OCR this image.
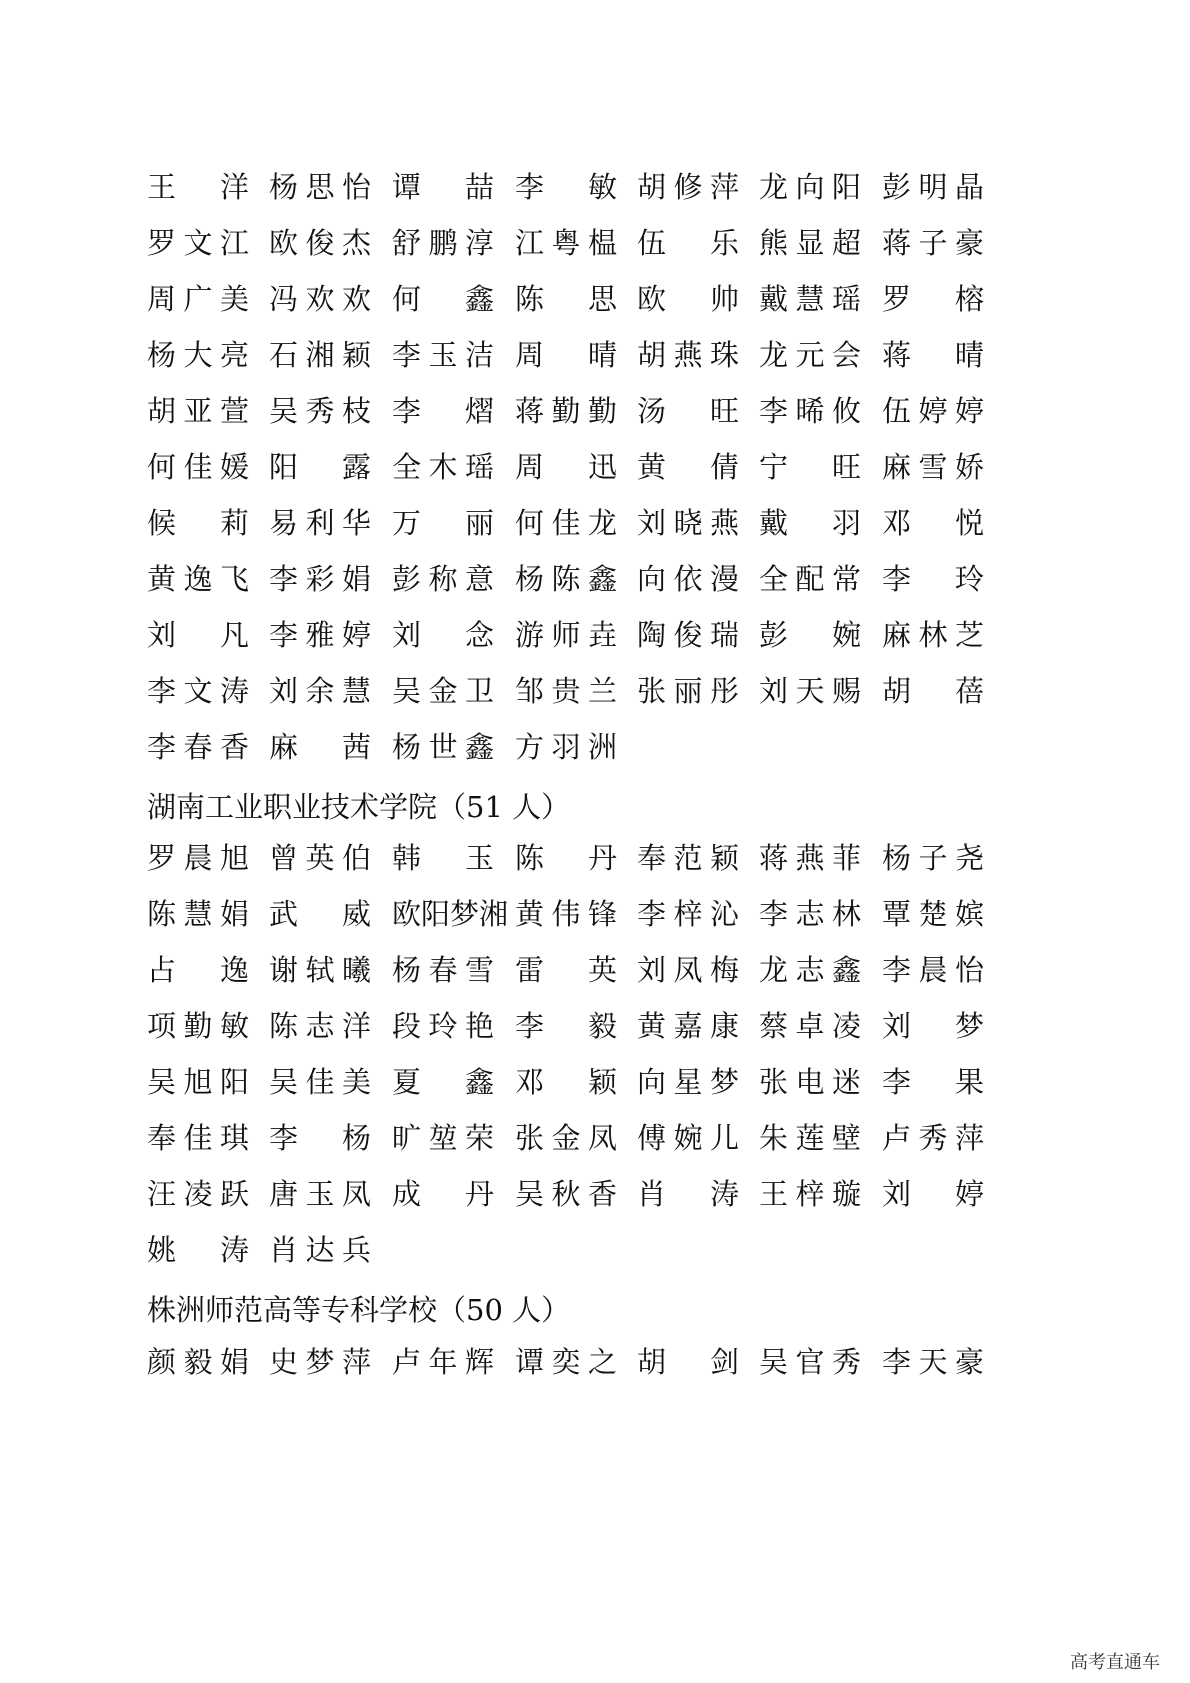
王 洋 杨 思 怡 谭 喆 李 敏 胡 修 萍 龙 向 阳 彭 明 晶
罗 文 江 欧 俊 杰 舒 鹏 淳 江 粤 榅 伍 乐 熊 显 超 蒋 子 豪
周 广 美 冯 欢 欢 何 鑫 陈 思 欧 帅 戴 慧 瑶 罗 榕
杨 大 亮 石 湘 颖 李 玉 洁 周 晴 胡 燕 珠 龙 元 会 蒋 晴
胡 亚 萱 吴 秀 枝 李 熠 蒋 勤 勤 汤 旺 李 晞 攸 伍 婷 婷
何 佳 媛 阳 露 全 木 瑶 周 迅 黄 倩 宁 旺 麻 雪 娇
候 莉 易 利 华 万 丽 何 佳 龙 刘 晓 燕 戴 羽 邓 悦
黄 逸 飞 李 彩 娟 彭 称 意 杨 陈 鑫 向 依 漫 全 配 常 李 玲
刘 凡 李 雅 婷 刘 念 游 师 垚 陶 俊 瑞 彭 婉 麻 林 芝
李 文 涛 刘 余 慧 吴 金 卫 邹 贵 兰 张 丽 彤 刘 天 赐 胡 蓓
李 春 香 麻 茜 杨 世 鑫 方 羽 洲
湖南工业职业技术学院（51 人）
罗 晨 旭 曾 英 伯 韩 玉 陈 丹 奉 范 颖 蒋 燕 菲 杨 子 尧
陈 慧 娟 武 威 欧阳梦湘 黄 伟 锋 李 梓 沁 李 志 林 覃 楚 嫔
占 逸 谢 轼 曦 杨 春 雪 雷 英 刘 凤 梅 龙 志 鑫 李 晨 怡
项 勤 敏 陈 志 洋 段 玲 艳 李 毅 黄 嘉 康 蔡 卓 凌 刘 梦
吴 旭 阳 吴 佳 美 夏 鑫 邓 颖 向 星 梦 张 电 迷 李 果
奉 佳 琪 李 杨 旷 堃 荣 张 金 凤 傅 婉 儿 朱 莲 壁 卢 秀 萍
汪 凌 跃 唐 玉 凤 成 丹 吴 秋 香 肖 涛 王 梓 璇 刘 婷
姚 涛 肖 达 兵
株洲师范高等专科学校（50 人）
颜 毅 娟 史 梦 萍 卢 年 辉 谭 奕 之 胡 剑 吴 官 秀 李 天 豪
高考直通车
